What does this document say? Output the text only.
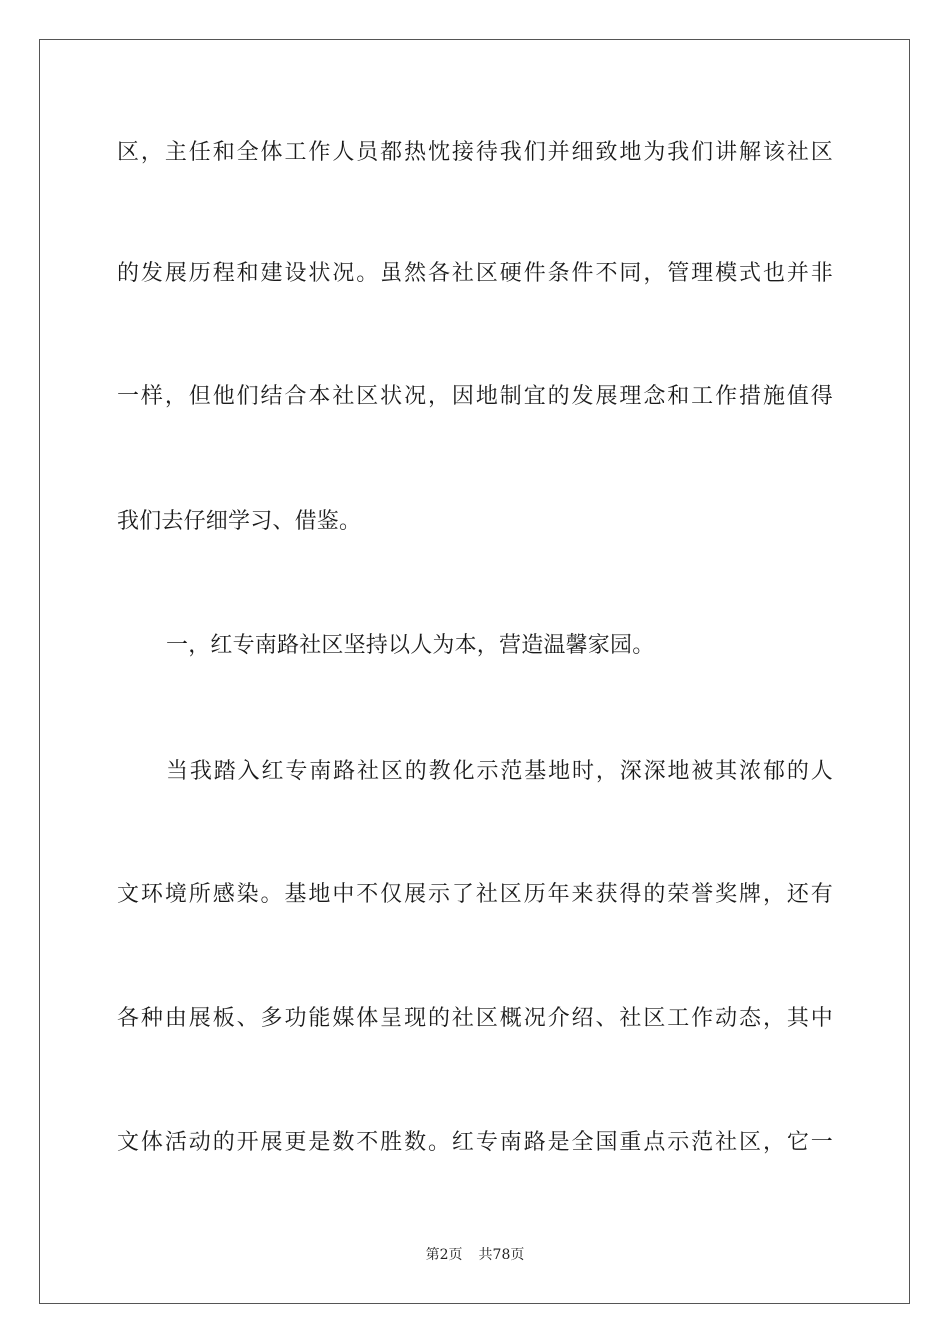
区，主任和全体工作人员都热忱接待我们并细致地为我们讲解该社区
的发展历程和建设状况。虽然各社区硬件条件不同，管理模式也并非
一样，但他们结合本社区状况，因地制宜的发展理念和工作措施值得
我们去仔细学习、借鉴。
一，红专南路社区坚持以人为本，营造温馨家园。
当我踏入红专南路社区的教化示范基地时，深深地被其浓郁的人
文环境所感染。基地中不仅展示了社区历年来获得的荣誉奖牌，还有
各种由展板、多功能媒体呈现的社区概况介绍、社区工作动态，其中
文体活动的开展更是数不胜数。红专南路是全国重点示范社区，它一
第2页 共78页
